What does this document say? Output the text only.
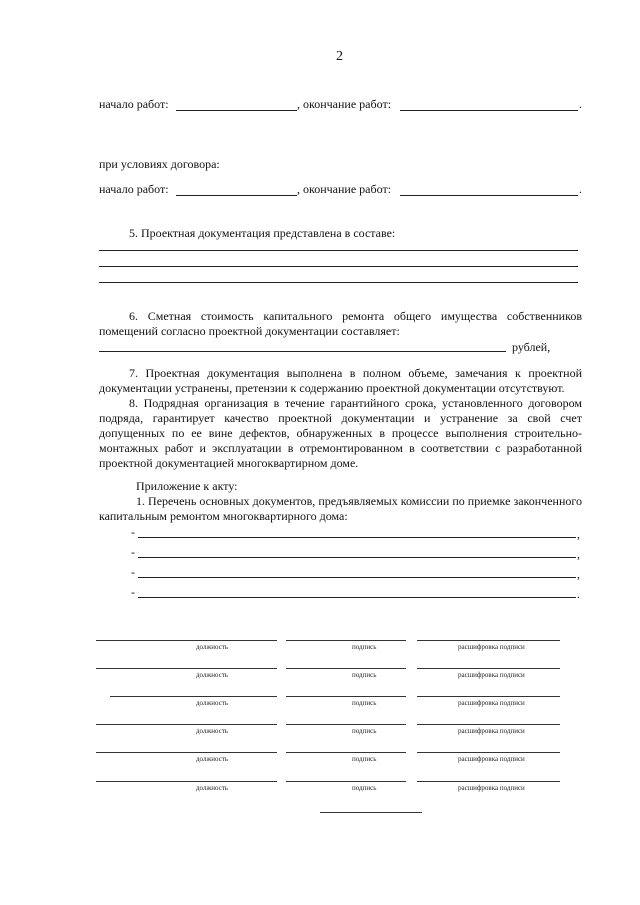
2
начало работ:	, окончание работ:	.
при условиях договора:
начало работ:	, окончание работ:	.
5. Проектная документация представлена в составе:
6. Сметная стоимость капитального ремонта общего имущества собственников помещений согласно проектной документации составляет:
рублей,
7. Проектная документация выполнена в полном объеме, замечания к проектной документации устранены, претензии к содержанию проектной документации отсутствуют.
8. Подрядная организация в течение гарантийного срока, установленного договором подряда, гарантирует качество проектной документации и устранение за свой счет допущенных по ее вине дефектов, обнаруженных в процессе выполнения строительно-монтажных работ и эксплуатации в отремонтированном в соответствии с разработанной проектной документацией многоквартирном доме.
Приложение к акту:
1. Перечень основных документов, предъявляемых комиссии по приемке законченного капитальным ремонтом многоквартирного дома:
-	,
-	,
-	,
-	.
должность	подпись	расшифровка подписи
должность	подпись	расшифровка подписи
должность	подпись	расшифровка подписи
должность	подпись	расшифровка подписи
должность	подпись	расшифровка подписи
должность	подпись	расшифровка подписи
